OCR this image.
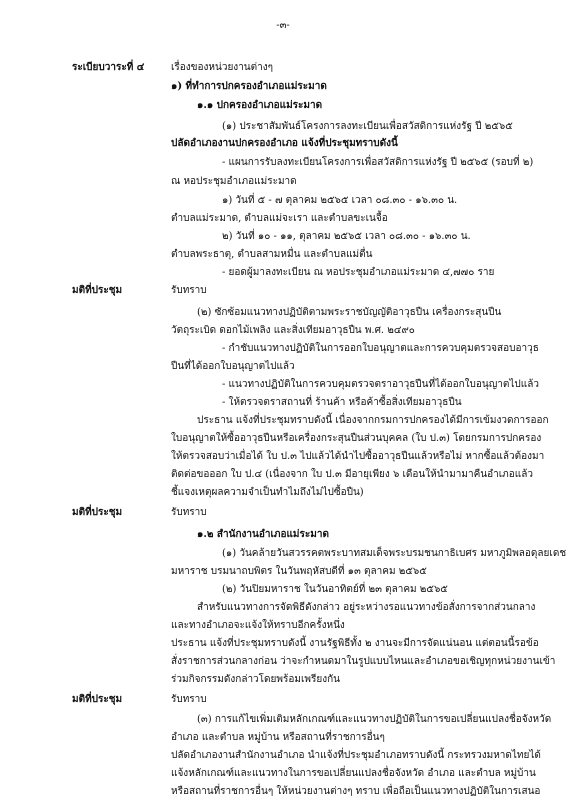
-๓-
ระเบียบวาระที่ ๔	เรื่องของหน่วยงานต่างๆ
๑) ที่ทำการปกครองอำเภอแม่ระมาด
๑.๑ ปกครองอำเภอแม่ระมาด
(๑) ประชาสัมพันธ์โครงการลงทะเบียนเพื่อสวัสดิการแห่งรัฐ ปี ๒๕๖๕
ปลัดอำเภองานปกครองอำเภอ แจ้งที่ประชุมทราบดังนี้
- แผนการรับลงทะเบียนโครงการเพื่อสวัสดิการแห่งรัฐ ปี ๒๕๖๕ (รอบที่ ๒)
ณ หอประชุมอำเภอแม่ระมาด
๑) วันที่ ๕ - ๗ ตุลาคม ๒๕๖๕ เวลา ๐๘.๓๐ - ๑๖.๓๐ น.
ตำบลแม่ระมาด, ตำบลแม่จะเรา และตำบลขะเนจื้อ
๒) วันที่ ๑๐ - ๑๑, ตุลาคม ๒๕๖๕ เวลา ๐๘.๓๐ - ๑๖.๓๐ น.
ตำบลพระธาตุ, ตำบลสามหมื่น และตำบลแม่ตื่น
- ยอดผู้มาลงทะเบียน ณ หอประชุมอำเภอแม่ระมาด ๔,๗๗๐ ราย
มติที่ประชุม	รับทราบ
(๒) ซักซ้อมแนวทางปฏิบัติตามพระราชบัญญัติอาวุธปืน เครื่องกระสุนปืน
วัตถุระเบิด ดอกไม้เพลิง และสิ่งเทียมอาวุธปืน พ.ศ. ๒๔๙๐
- กำชับแนวทางปฏิบัติในการออกใบอนุญาตและการควบคุมตรวจสอบอาวุธ
ปืนที่ได้ออกใบอนุญาตไปแล้ว
- แนวทางปฏิบัติในการควบคุมตรวจตราอาวุธปืนที่ได้ออกใบอนุญาตไปแล้ว
- ให้ตรวจตราสถานที่ ร้านค้า หรือค้าซื้อสิ่งเทียมอาวุธปืน
ประธาน แจ้งที่ประชุมทราบดังนี้ เนื่องจากกรมการปกครองได้มีการเข้มงวดการออก
ใบอนุญาตให้ซื้ออาวุธปืนหรือเครื่องกระสุนปืนส่วนบุคคล (ใบ ป.๓) โดยกรมการปกครอง
ให้ตรวจสอบว่าเมื่อได้ ใบ ป.๓ ไปแล้วได้นำไปซื้ออาวุธปืนแล้วหรือไม่ หากซื้อแล้วต้องมา
ติดต่อขอออก ใบ ป.๔ (เนื่องจาก ใบ ป.๓ มีอายุเพียง ๖ เดือนให้นำมามาคืนอำเภอแล้ว
ชี้แจงเหตุผลความจำเป็นทำไมถึงไม่ไปซื้อปืน)
มติที่ประชุม	รับทราบ
๑.๒ สำนักงานอำเภอแม่ระมาด
(๑) วันคล้ายวันสวรรคตพระบาทสมเด็จพระบรมชนกาธิเบศร มหาภูมิพลอดุลยเดช
มหาราช บรมนาถบพิตร ในวันพฤหัสบดีที่ ๑๓ ตุลาคม ๒๕๖๕
(๒) วันปิยมหาราช ในวันอาทิตย์ที่ ๒๓ ตุลาคม ๒๕๖๕
สำหรับแนวทางการจัดพิธีดังกล่าว อยู่ระหว่างรอแนวทางข้อสั่งการจากส่วนกลาง
และทางอำเภอจะแจ้งให้ทราบอีกครั้งหนึ่ง
ประธาน แจ้งที่ประชุมทราบดังนี้ งานรัฐพิธีทั้ง ๒ งานจะมีการจัดแน่นอน แต่ตอนนี้รอข้อ
สั่งราชการส่วนกลางก่อน ว่าจะกำหนดมาในรูปแบบไหนและอำเภอขอเชิญทุกหน่วยงานเข้า
ร่วมกิจกรรมดังกล่าวโดยพร้อมเพรียงกัน
มติที่ประชุม	รับทราบ
(๓) การแก้ไขเพิ่มเติมหลักเกณฑ์และแนวทางปฏิบัติในการขอเปลี่ยนแปลงชื่อจังหวัด
อำเภอ และตำบล หมู่บ้าน หรือสถานที่ราชการอื่นๆ
ปลัดอำเภองานสำนักงานอำเภอ นำแจ้งที่ประชุมอำเภอทราบดังนี้ กระทรวงมหาดไทยได้
แจ้งหลักเกณฑ์และแนวทางในการขอเปลี่ยนแปลงชื่อจังหวัด อำเภอ และตำบล หมู่บ้าน
หรือสถานที่ราชการอื่นๆ ให้หน่วยงานต่างๆ ทราบ เพื่อถือเป็นแนวทางปฏิบัติในการเสนอ
